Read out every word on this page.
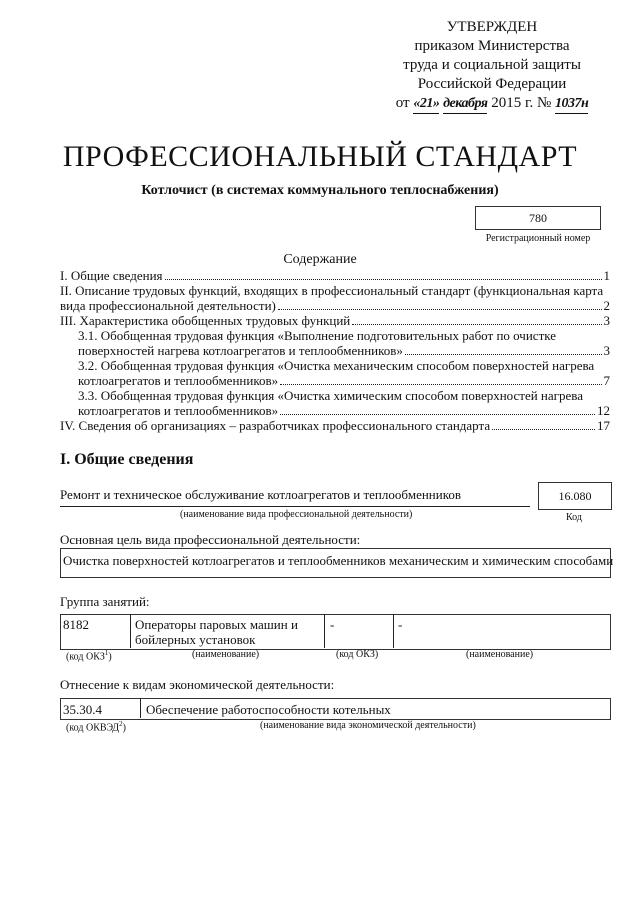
УТВЕРЖДЕН
приказом Министерства
труда и социальной защиты
Российской Федерации
от «21» декабря 2015 г. № 1037н
ПРОФЕССИОНАЛЬНЫЙ СТАНДАРТ
Котлочист (в системах коммунального теплоснабжения)
780
Регистрационный номер
Содержание
I. Общие сведения	1
II. Описание трудовых функций, входящих в профессиональный стандарт (функциональная карта
вида профессиональной деятельности)	2
III. Характеристика обобщенных трудовых функций	3
3.1. Обобщенная трудовая функция «Выполнение подготовительных работ по очистке
поверхностей нагрева котлоагрегатов и теплообменников»	3
3.2. Обобщенная трудовая функция «Очистка механическим способом поверхностей нагрева
котлоагрегатов и теплообменников»	7
3.3. Обобщенная трудовая функция «Очистка химическим способом поверхностей нагрева
котлоагрегатов и теплообменников»	12
IV. Сведения об организациях – разработчиках профессионального стандарта	17
I. Общие сведения
Ремонт и техническое обслуживание котлоагрегатов и теплообменников
(наименование вида профессиональной деятельности)
16.080
Код
Основная цель вида профессиональной деятельности:
Очистка поверхностей котлоагрегатов и теплообменников механическим и химическим способами
Группа занятий:
8182	Операторы паровых машин и
бойлерных установок
-	-
(код ОКЗ$^1$)	(наименование)	(код ОКЗ)	(наименование)
Отнесение к видам экономической деятельности:
35.30.4	Обеспечение работоспособности котельных
(код ОКВЭД$^2$)	(наименование вида экономической деятельности)
